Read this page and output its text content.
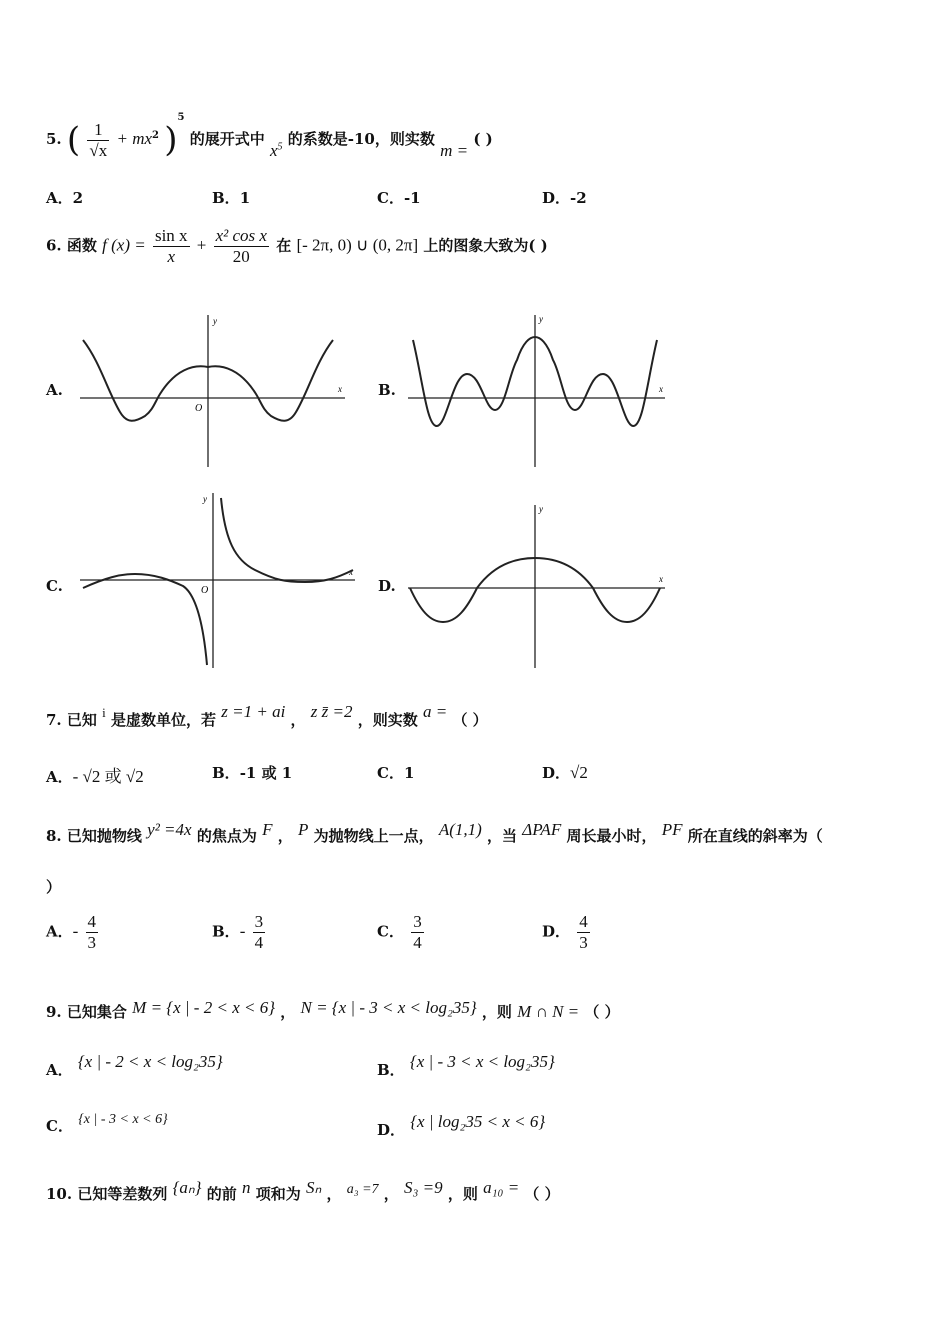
5. ( $\frac{1}{√x} + mx^2$ )$^5$ 的展开式中 $x^5$ 的系数是-10，则实数 m = ( )
A．2	B．1	C．-1	D．-2
6. 函数 f $(x) = \frac{\text{sin x}}{x} + \frac{\text{x² cos x}}{20}$ 在 [- 2π, 0) ∪ (0, 2π] 上的图象大致为( )
A.	B.
C.	D.
y
x
O
y
x
y
x
O
y
x
7. 已知 i 是虚数单位，若 z =1 + ai ， z z̄ =2 ，则实数 a = （ ）
A．- √2 或 √2	B．-1 或 1	C．1	D．√2
8. 已知抛物线 y² =4x 的焦点为 F ， P 为抛物线上一点， A(1,1) ，当 ΔPAF 周长最小时， PF 所在直线的斜率为（
）
A．- $\frac{4}{3}$	B．- $\frac{3}{4}$	C． $\frac{3}{4}$	D． $\frac{4}{3}$
9. 已知集合 M = {x | - 2 < x < 6} ， N = {x | - 3 < x < log₂35} ，则 M ∩ N = （ ）
A． {x | - 2 < x < log₂35}	B． {x | - 3 < x < log₂35}
C． {x | - 3 < x < 6}
D． {x | log₂35 < x < 6}
10. 已知等差数列 {aₙ} 的前 n 项和为 Sₙ ， a₃ =7 ， S₃ =9 ，则 a₁₀ = （ ）
